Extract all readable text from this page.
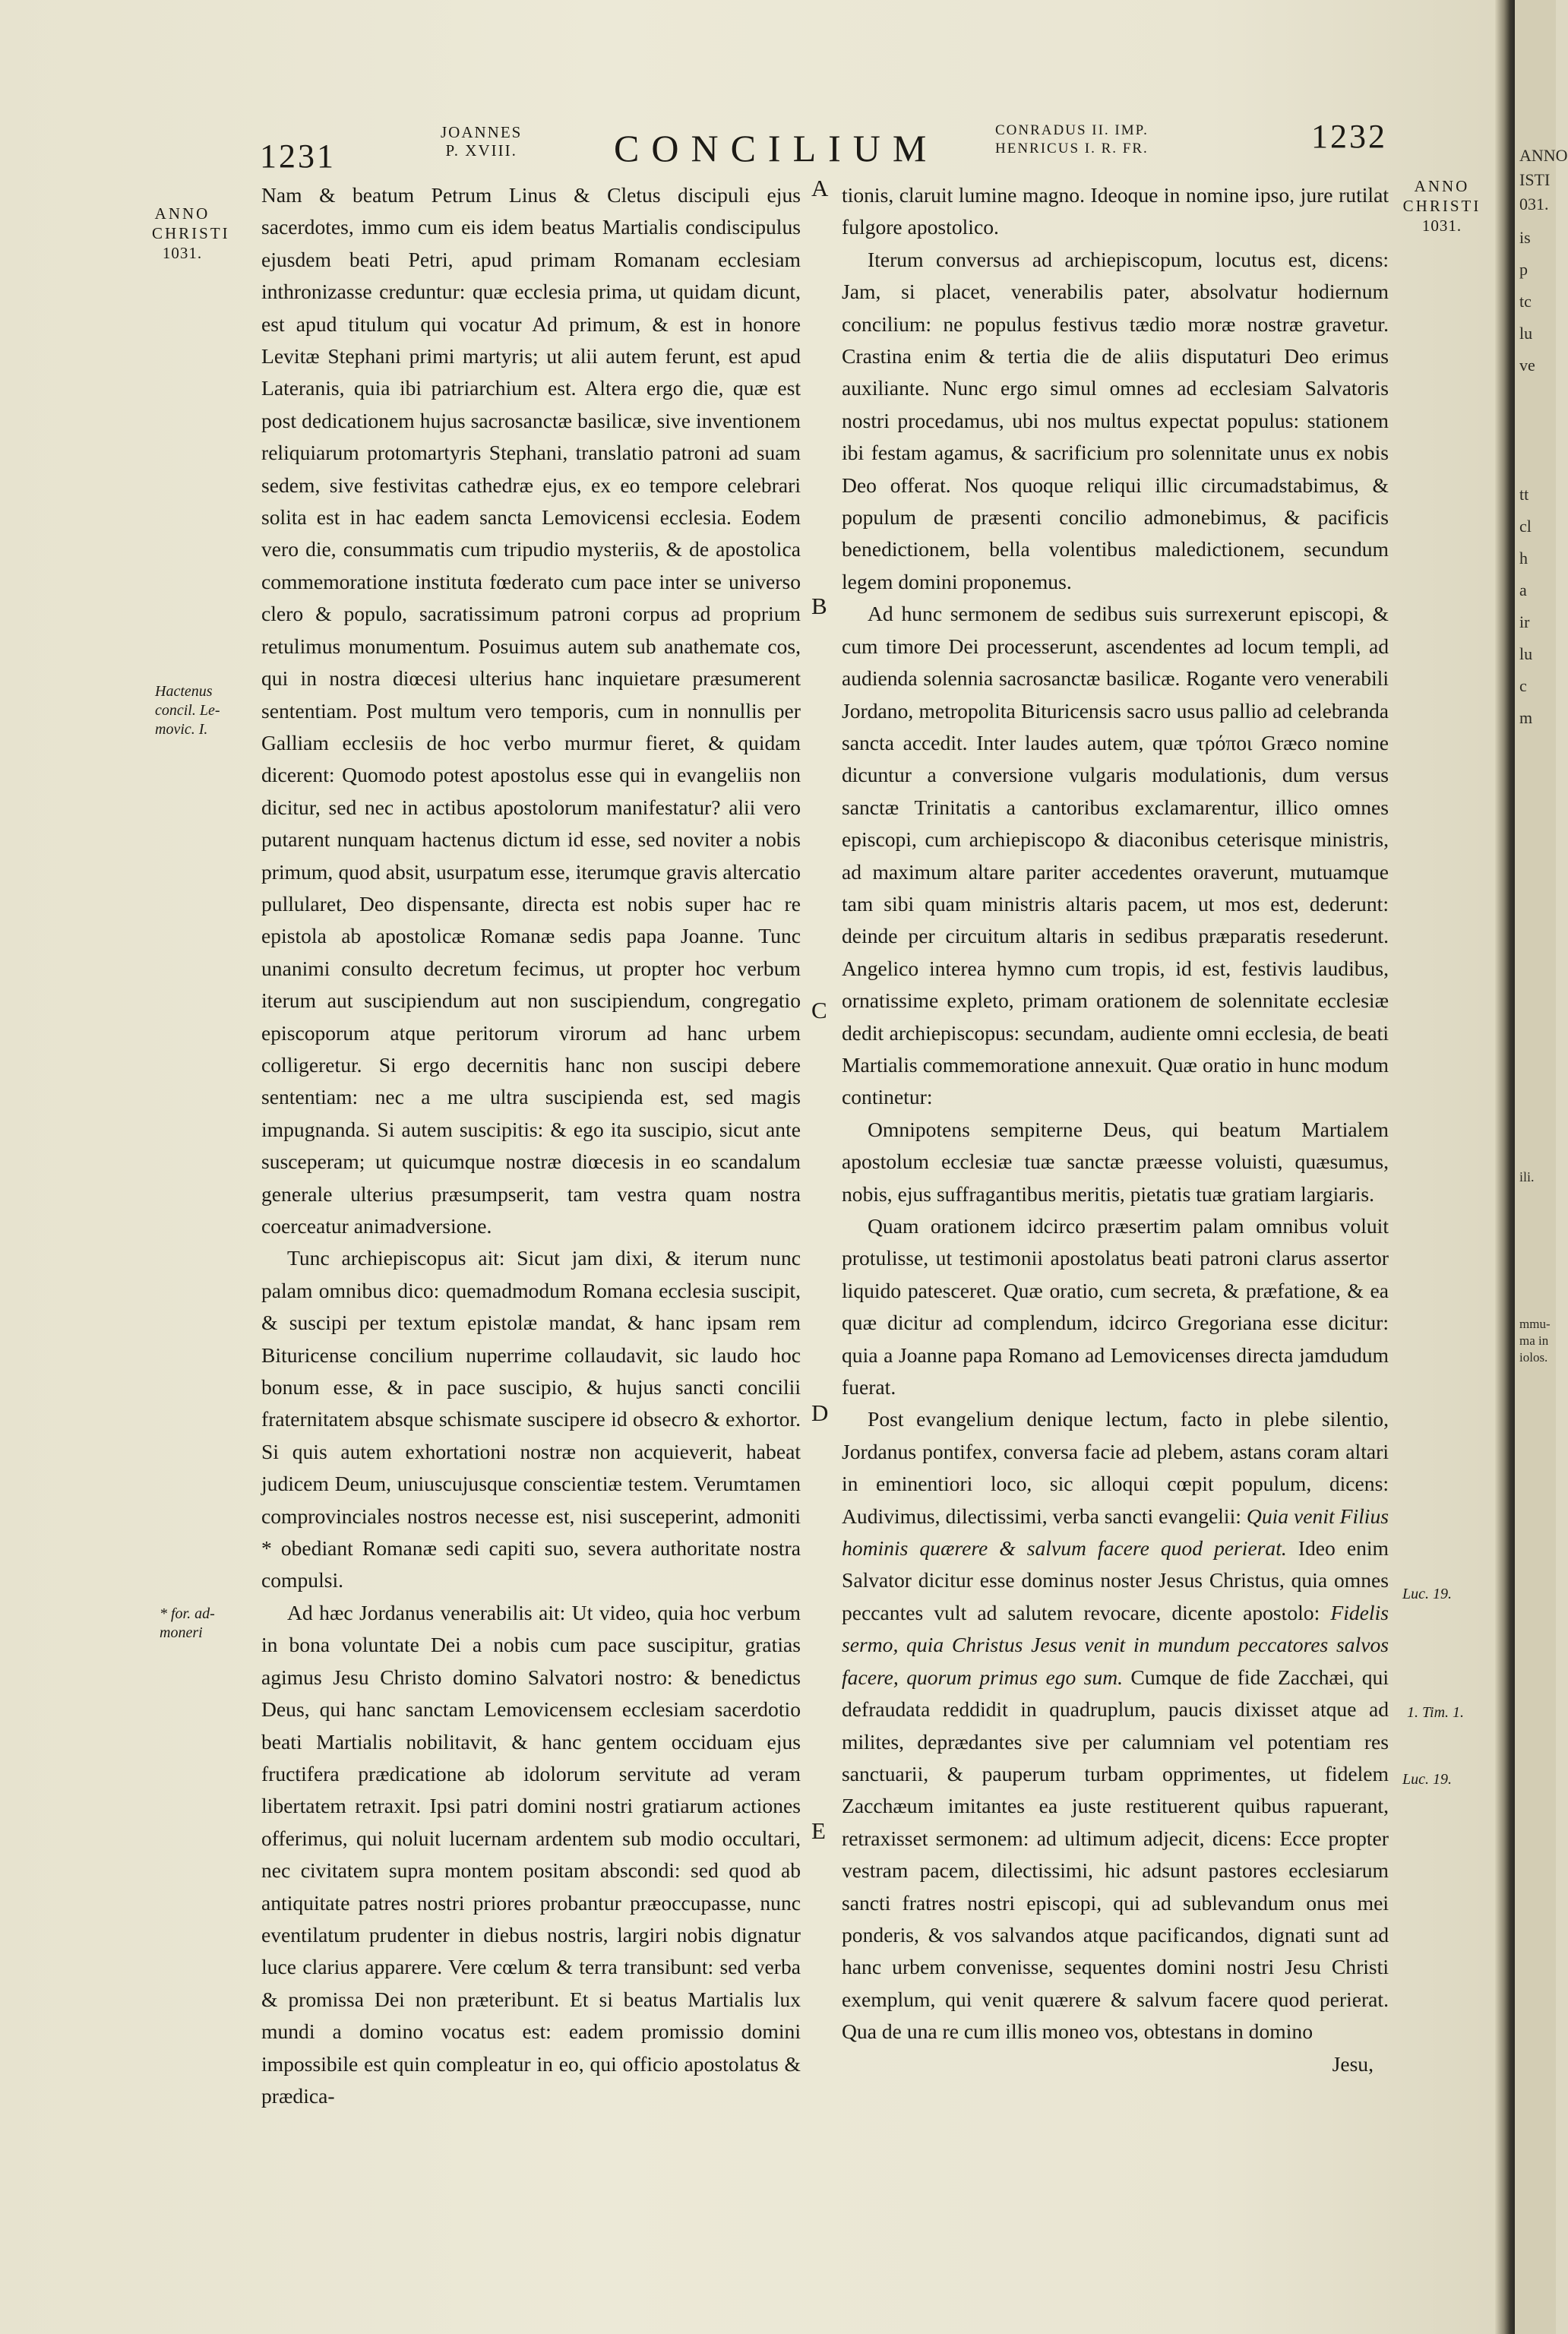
ANNO
ISTI
031.
is
p
tc
lu
ve
tt
cl
h
a
ir
lu
c
m
ili.
mmu-
ma in
iolos.
1231
JOANNES
P. XVIII.	CONCILIUM	CONRADUS II. IMP.
HENRICUS I. R. FR.	1232
ANNO
CHRISTI
1031.
ANNO
CHRISTI
1031.
Hactenus
concil. Le-
movic. I.
* for. ad-
moneri
Luc. 19.
1. Tim. 1.
Luc. 19.
A
B
C
D
E

Nam & beatum Petrum Linus & Cletus discipuli ejus sacerdotes, immo cum eis idem beatus Martialis condiscipulus ejusdem beati Petri, apud primam Romanam ecclesiam inthronizasse creduntur: quæ ecclesia prima, ut quidam dicunt, est apud titulum qui vocatur Ad primum, & est in honore Levitæ Stephani primi martyris; ut alii autem ferunt, est apud Lateranis, quia ibi patriarchium est. Altera ergo die, quæ est post dedicationem hujus sacrosanctæ basilicæ, sive inventionem reliquiarum protomartyris Stephani, translatio patroni ad suam sedem, sive festivitas cathedræ ejus, ex eo tempore celebrari solita est in hac eadem sancta Lemovicensi ecclesia. Eodem vero die, consummatis cum tripudio mysteriis, & de apostolica commemoratione instituta fœderato cum pace inter se universo clero & populo, sacratissimum patroni corpus ad proprium retulimus monumentum. Posuimus autem sub anathemate cos, qui in nostra diœcesi ulterius hanc inquietare præsumerent sententiam. Post multum vero temporis, cum in nonnullis per Galliam ecclesiis de hoc verbo murmur fieret, & quidam dicerent: Quomodo potest apostolus esse qui in evangeliis non dicitur, sed nec in actibus apostolorum manifestatur? alii vero putarent nunquam hactenus dictum id esse, sed noviter a nobis primum, quod absit, usurpatum esse, iterumque gravis altercatio pullularet, Deo dispensante, directa est nobis super hac re epistola ab apostolicæ Romanæ sedis papa Joanne. Tunc unanimi consulto decretum fecimus, ut propter hoc verbum iterum aut suscipiendum aut non suscipiendum, congregatio episcoporum atque peritorum virorum ad hanc urbem colligeretur. Si ergo decernitis hanc non suscipi debere sententiam: nec a me ultra suscipienda est, sed magis impugnanda. Si autem suscipitis: & ego ita suscipio, sicut ante susceperam; ut quicumque nostræ diœcesis in eo scandalum generale ulterius præsumpserit, tam vestra quam nostra coerceatur animadversione.

Tunc archiepiscopus ait: Sicut jam dixi, & iterum nunc palam omnibus dico: quemadmodum Romana ecclesia suscipit, & suscipi per textum epistolæ mandat, & hanc ipsam rem Bituricense concilium nuperrime collaudavit, sic laudo hoc bonum esse, & in pace suscipio, & hujus sancti concilii fraternitatem absque schismate suscipere id obsecro & exhortor. Si quis autem exhortationi nostræ non acquieverit, habeat judicem Deum, uniuscujusque conscientiæ testem. Verumtamen comprovinciales nostros necesse est, nisi susceperint, admoniti * obediant Romanæ sedi capiti suo, severa authoritate nostra compulsi.

Ad hæc Jordanus venerabilis ait: Ut video, quia hoc verbum in bona voluntate Dei a nobis cum pace suscipitur, gratias agimus Jesu Christo domino Salvatori nostro: & benedictus Deus, qui hanc sanctam Lemovicensem ecclesiam sacerdotio beati Martialis nobilitavit, & hanc gentem occiduam ejus fructifera prædicatione ab idolorum servitute ad veram libertatem retraxit. Ipsi patri domini nostri gratiarum actiones offerimus, qui noluit lucernam ardentem sub modio occultari, nec civitatem supra montem positam abscondi: sed quod ab antiquitate patres nostri priores probantur præoccupasse, nunc eventilatum prudenter in diebus nostris, largiri nobis dignatur luce clarius apparere. Vere cœlum & terra transibunt: sed verba & promissa Dei non præteribunt. Et si beatus Martialis lux mundi a domino vocatus est: eadem promissio domini impossibile est quin compleatur in eo, qui officio apostolatus & prædica-

tionis, claruit lumine magno. Ideoque in nomine ipso, jure rutilat fulgore apostolico.

Iterum conversus ad archiepiscopum, locutus est, dicens: Jam, si placet, venerabilis pater, absolvatur hodiernum concilium: ne populus festivus tædio moræ nostræ gravetur. Crastina enim & tertia die de aliis disputaturi Deo erimus auxiliante. Nunc ergo simul omnes ad ecclesiam Salvatoris nostri procedamus, ubi nos multus expectat populus: stationem ibi festam agamus, & sacrificium pro solennitate unus ex nobis Deo offerat. Nos quoque reliqui illic circumadstabimus, & populum de præsenti concilio admonebimus, & pacificis benedictionem, bella volentibus maledictionem, secundum legem domini proponemus.

Ad hunc sermonem de sedibus suis surrexerunt episcopi, & cum timore Dei processerunt, ascendentes ad locum templi, ad audienda solennia sacrosanctæ basilicæ. Rogante vero venerabili Jordano, metropolita Bituricensis sacro usus pallio ad celebranda sancta accedit. Inter laudes autem, quæ τρόποι Græco nomine dicuntur a conversione vulgaris modulationis, dum versus sanctæ Trinitatis a cantoribus exclamarentur, illico omnes episcopi, cum archiepiscopo & diaconibus ceterisque ministris, ad maximum altare pariter accedentes oraverunt, mutuamque tam sibi quam ministris altaris pacem, ut mos est, dederunt: deinde per circuitum altaris in sedibus præparatis resederunt. Angelico interea hymno cum tropis, id est, festivis laudibus, ornatissime expleto, primam orationem de solennitate ecclesiæ dedit archiepiscopus: secundam, audiente omni ecclesia, de beati Martialis commemoratione annexuit. Quæ oratio in hunc modum continetur:

Omnipotens sempiterne Deus, qui beatum Martialem apostolum ecclesiæ tuæ sanctæ præesse voluisti, quæsumus, nobis, ejus suffragantibus meritis, pietatis tuæ gratiam largiaris.

Quam orationem idcirco præsertim palam omnibus voluit protulisse, ut testimonii apostolatus beati patroni clarus assertor liquido patesceret. Quæ oratio, cum secreta, & præfatione, & ea quæ dicitur ad complendum, idcirco Gregoriana esse dicitur: quia a Joanne papa Romano ad Lemovicenses directa jamdudum fuerat.

Post evangelium denique lectum, facto in plebe silentio, Jordanus pontifex, conversa facie ad plebem, astans coram altari in eminentiori loco, sic alloqui cœpit populum, dicens: Audivimus, dilectissimi, verba sancti evangelii: Quia venit Filius hominis quærere & salvum facere quod perierat. Ideo enim Salvator dicitur esse dominus noster Jesus Christus, quia omnes peccantes vult ad salutem revocare, dicente apostolo: Fidelis sermo, quia Christus Jesus venit in mundum peccatores salvos facere, quorum primus ego sum. Cumque de fide Zacchæi, qui defraudata reddidit in quadruplum, paucis dixisset atque ad milites, deprædantes sive per calumniam vel potentiam res sanctuarii, & pauperum turbam opprimentes, ut fidelem Zacchæum imitantes ea juste restituerent quibus rapuerant, retraxisset sermonem: ad ultimum adjecit, dicens: Ecce propter vestram pacem, dilectissimi, hic adsunt pastores ecclesiarum sancti fratres nostri episcopi, qui ad sublevandum onus mei ponderis, & vos salvandos atque pacificandos, dignati sunt ad hanc urbem convenisse, sequentes domini nostri Jesu Christi exemplum, qui venit quærere & salvum facere quod perierat. Qua de una re cum illis moneo vos, obtestans in domino

Jesu,
